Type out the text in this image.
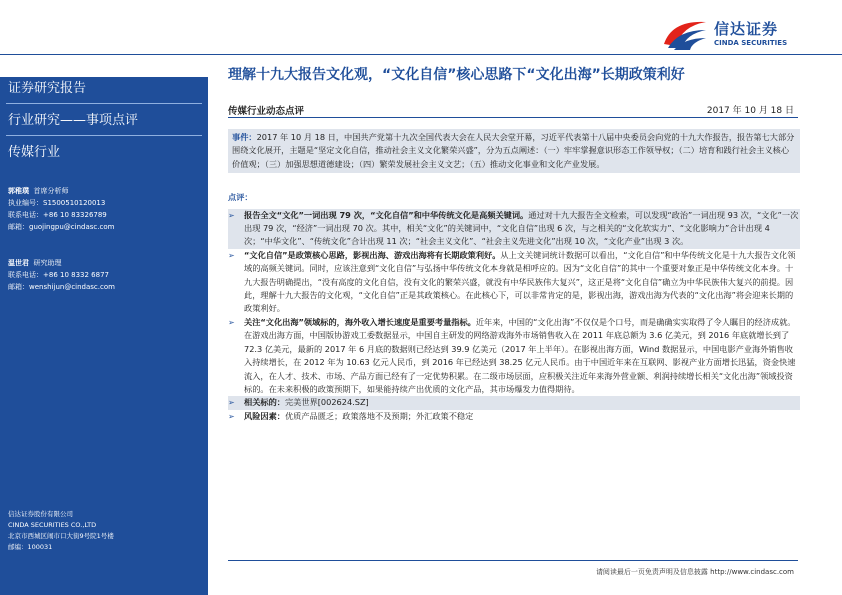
信达证券
CINDA SECURITIES
证券研究报告
行业研究——事项点评
传媒行业
郭稚璞 首席分析师
执业编号：S1500510120013
联系电话：+86 10 83326789
邮箱：guojingpu@cindasc.com
温世君 研究助理
联系电话：+86 10 8332 6877
邮箱：wenshijun@cindasc.com
信达证券股份有限公司
CINDA SECURITIES CO.,LTD
北京市西城区闹市口大街9号院1号楼
邮编：100031
理解十九大报告文化观，“文化自信”核心思路下“文化出海”长期政策利好
传媒行业动态点评	2017 年 10 月 18 日
事件：2017 年 10 月 18 日，中国共产党第十九次全国代表大会在人民大会堂开幕，习近平代表第十八届中央委员会向党的十九大作报告，报告第七大部分围绕文化展开，主题是“坚定文化自信，推动社会主义文化繁荣兴盛”，分为五点阐述：（一）牢牢掌握意识形态工作领导权；（二）培育和践行社会主义核心价值观；（三）加强思想道德建设；（四）繁荣发展社会主义文艺；（五）推动文化事业和文化产业发展。
点评：
➢ 报告全文“文化”一词出现 79 次，“文化自信”和中华传统文化是高频关键词。通过对十九大报告全文检索，可以发现“政治”一词出现 93 次，“文化”一次出现 79 次，“经济”一词出现 70 次。其中，相关“文化”的关键词中，“文化自信”出现 6 次，与之相关的“文化软实力”、“文化影响力”合计出现 4 次；“中华文化”、“传统文化”合计出现 11 次；“社会主义文化”、“社会主义先进文化”出现 10 次，“文化产业”出现 3 次。
➢ “文化自信”是政策核心思路，影视出海、游戏出海将有长期政策利好。从上文关键词统计数据可以看出，“文化自信”和中华传统文化是十九大报告文化领域的高频关键词。同时，应该注意到“文化自信”与弘扬中华传统文化本身就是相呼应的。因为“文化自信”的其中一个重要对象正是中华传统文化本身。十九大报告明确提出，“没有高度的文化自信，没有文化的繁荣兴盛，就没有中华民族伟大复兴”，这正是将“文化自信”确立为中华民族伟大复兴的前提。因此，理解十九大报告的文化观，“文化自信”正是其政策核心。在此核心下，可以非常肯定的是，影视出海，游戏出海为代表的“文化出海”将会迎来长期的政策利好。
➢ 关注“文化出海”领域标的，海外收入增长速度是重要考量指标。近年来，中国的“文化出海”不仅仅是个口号，而是确确实实取得了令人瞩目的经济成就。在游戏出海方面，中国版协游戏工委数据显示，中国自主研发的网络游戏海外市场销售收入在 2011 年底总额为 3.6 亿美元，到 2016 年底就增长到了 72.3 亿美元，最新的 2017 年 6 月底的数据则已经达到 39.9 亿美元（2017 年上半年）。在影视出海方面，Wind 数据显示，中国电影产业海外销售收入持续增长，在 2012 年为 10.63 亿元人民币，到 2016 年已经达到 38.25 亿元人民币。由于中国近年来在互联网、影视产业方面增长迅猛，资金快速流入，在人才、技术、市场、产品方面已经有了一定优势积累。在二级市场层面，应积极关注近年来海外营业额、利润持续增长相关“文化出海”领域投资标的。在未来积极的政策预期下，如果能持续产出优质的文化产品，其市场爆发力值得期待。
➢ 相关标的：完美世界[002624.SZ]
➢ 风险因素：优质产品匮乏；政策落地不及预期；外汇政策不稳定
请阅读最后一页免责声明及信息披露 http://www.cindasc.com
